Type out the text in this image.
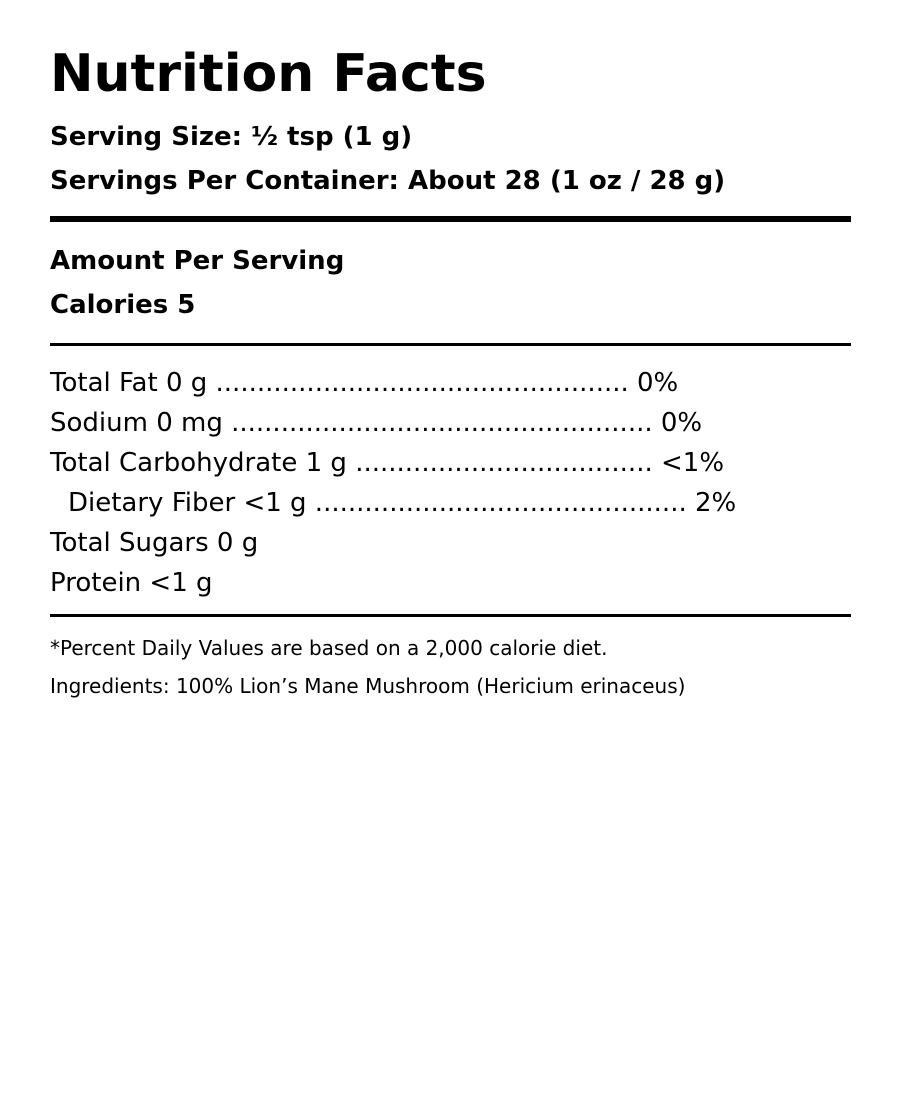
Nutrition Facts
Serving Size: ½ tsp (1 g)
Servings Per Container: About 28 (1 oz / 28 g)
Amount Per Serving
Calories 5
Total Fat 0 g .................................................. 0%
Sodium 0 mg ................................................... 0%
Total Carbohydrate 1 g .................................... <1%
Dietary Fiber <1 g ............................................. 2%
Total Sugars 0 g
Protein <1 g
*Percent Daily Values are based on a 2,000 calorie diet.
Ingredients: 100% Lion’s Mane Mushroom (Hericium erinaceus)
